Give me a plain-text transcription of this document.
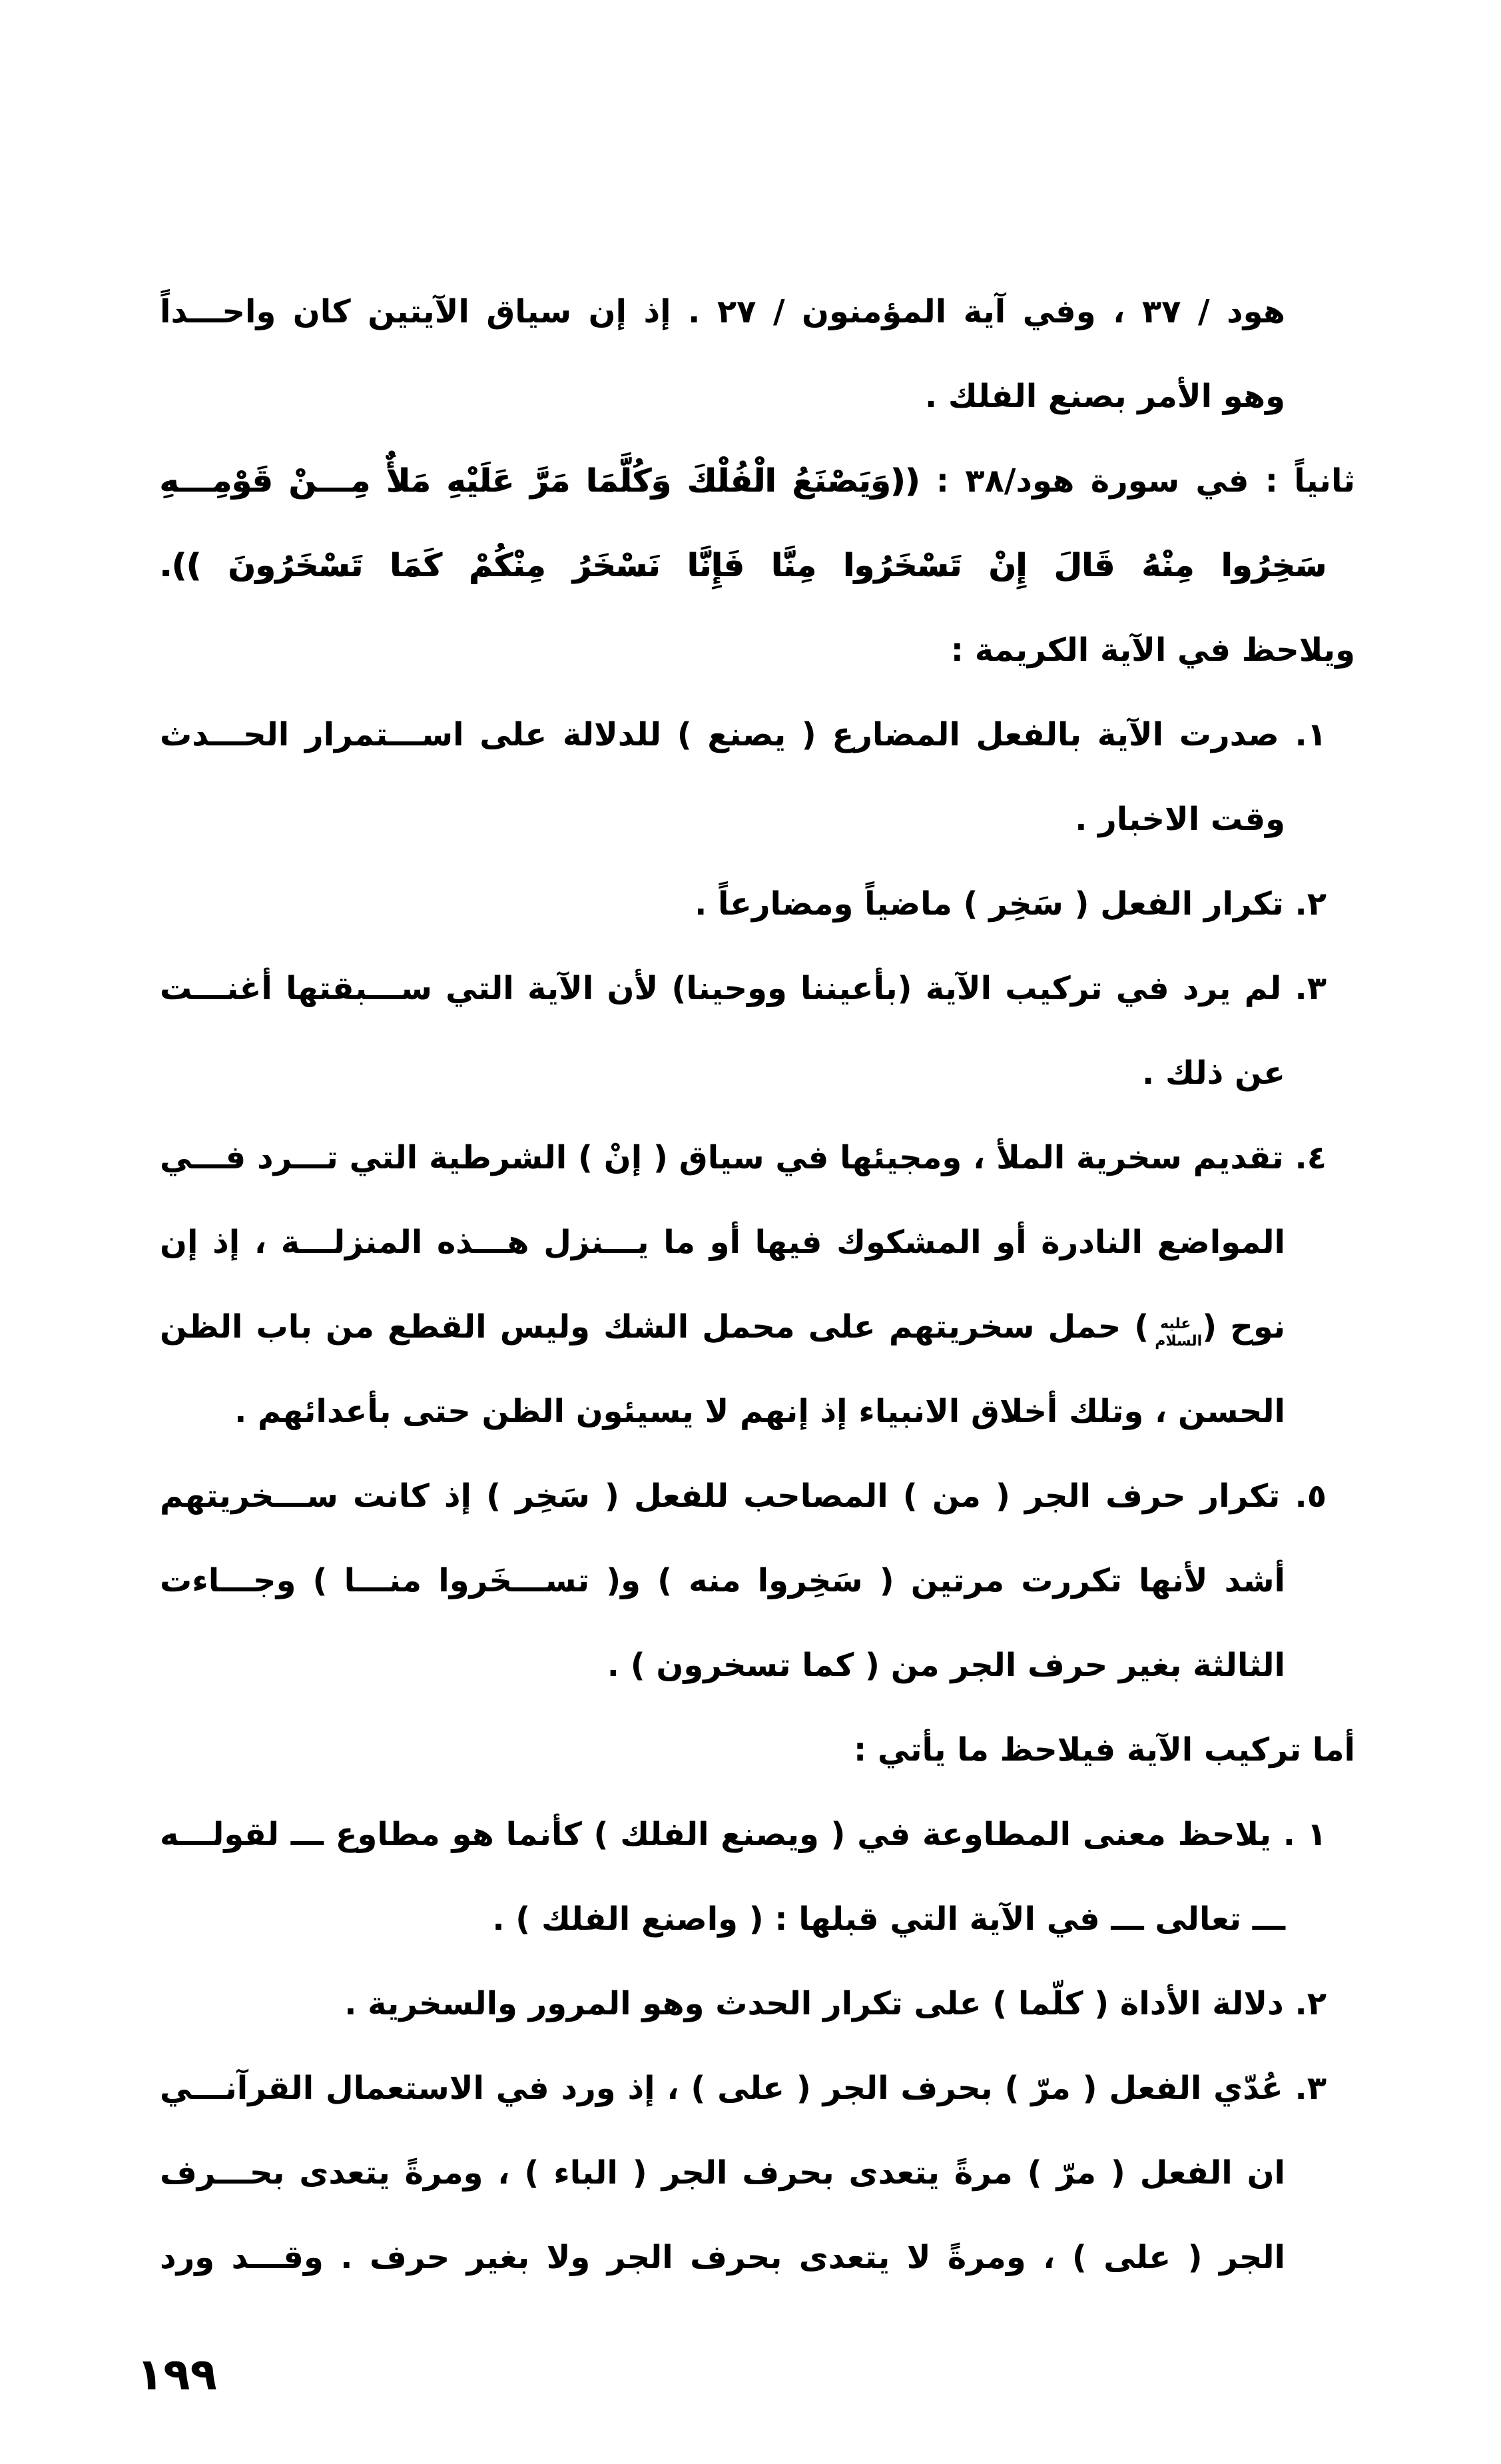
هود / ٣٧ ، وفي آية المؤمنون / ٢٧ . إذ إن سياق الآيتين كان واحـــداً
وهو الأمر بصنع الفلك .
ثانياً : في سورة هود/٣٨ : ((وَيَصْنَعُ الْفُلْكَ وَكُلَّمَا مَرَّ عَلَيْهِ مَلأٌ مِـــنْ قَوْمِـــهِ
سَخِرُوا مِنْهُ قَالَ إِنْ تَسْخَرُوا مِنَّا فَإِنَّا نَسْخَرُ مِنْكُمْ كَمَا تَسْخَرُونَ )).
ويلاحظ في الآية الكريمة :
١. صدرت الآية بالفعل المضارع ( يصنع ) للدلالة على اســـتمرار الحـــدث
وقت الاخبار .
٢. تكرار الفعل ( سَخِر ) ماضياً ومضارعاً .
٣. لم يرد في تركيب الآية (بأعيننا ووحينا) لأن الآية التي ســـبقتها أغنـــت
عن ذلك .
٤. تقديم سخرية الملأ ، ومجيئها في سياق ( إنْ ) الشرطية التي تـــرد فـــي
المواضع النادرة أو المشكوك فيها أو ما يـــنزل هـــذه المنزلـــة ، إذ إن
نوح (عليه السلام) حمل سخريتهم على محمل الشك وليس القطع من باب الظن
الحسن ، وتلك أخلاق الانبياء إذ إنهم لا يسيئون الظن حتى بأعدائهم .
٥. تكرار حرف الجر ( من ) المصاحب للفعل ( سَخِر ) إذ كانت ســـخريتهم
أشد لأنها تكررت مرتين ( سَخِروا منه ) و( تســـخَروا منـــا ) وجـــاءت
الثالثة بغير حرف الجر من ( كما تسخرون ) .
أما تركيب الآية فيلاحظ ما يأتي :
١ . يلاحظ معنى المطاوعة في ( ويصنع الفلك ) كأنما هو مطاوع ـــ لقولـــه
ـــ تعالى ـــ في الآية التي قبلها : ( واصنع الفلك ) .
٢. دلالة الأداة ( كلّما ) على تكرار الحدث وهو المرور والسخرية .
٣. عُدّي الفعل ( مرّ ) بحرف الجر ( على ) ، إذ ورد في الاستعمال القرآنـــي
ان الفعل ( مرّ ) مرةً يتعدى بحرف الجر ( الباء ) ، ومرةً يتعدى بحـــرف
الجر ( على ) ، ومرةً لا يتعدى بحرف الجر ولا بغير حرف . وقـــد ورد
١٩٩
